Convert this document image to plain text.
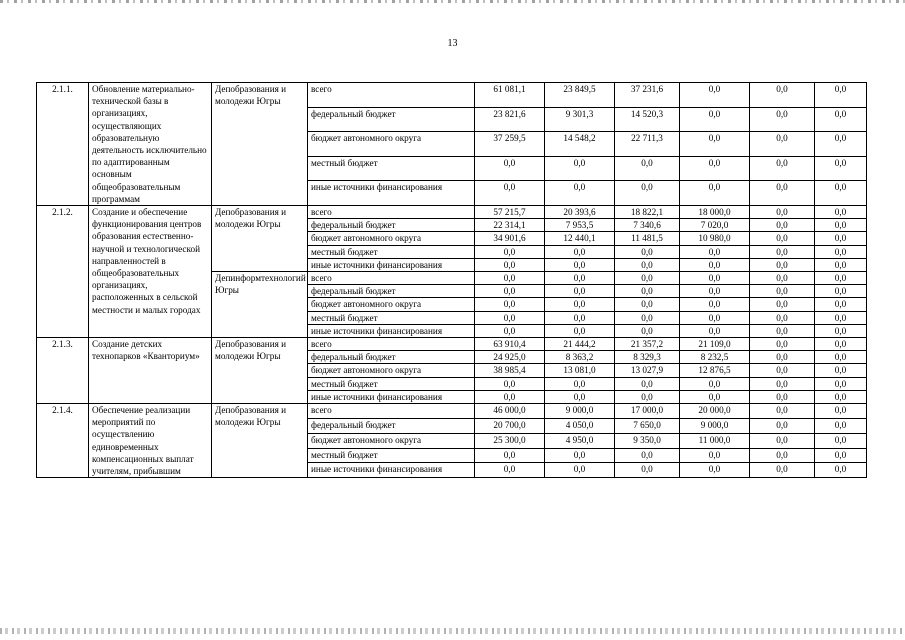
13
2.1.1.	Обновление материально-технической базы в организациях, осуществляющих образовательную деятельность исключительно по адаптированным основным общеобразовательным программам	Депобразования и молодежи Югры	всего	61 081,1	23 849,5	37 231,6	0,0	0,0	0,0
			федеральный бюджет	23 821,6	9 301,3	14 520,3	0,0	0,0	0,0
			бюджет автономного округа	37 259,5	14 548,2	22 711,3	0,0	0,0	0,0
			местный бюджет	0,0	0,0	0,0	0,0	0,0	0,0
			иные источники финансирования	0,0	0,0	0,0	0,0	0,0	0,0
2.1.2.	Создание и обеспечение функционирования центров образования естественно-научной и технологической направленностей в общеобразовательных организациях, расположенных в сельской местности и малых городах	Депобразования и молодежи Югры	всего	57 215,7	20 393,6	18 822,1	18 000,0	0,0	0,0
			федеральный бюджет	22 314,1	7 953,5	7 340,6	7 020,0	0,0	0,0
			бюджет автономного округа	34 901,6	12 440,1	11 481,5	10 980,0	0,0	0,0
			местный бюджет	0,0	0,0	0,0	0,0	0,0	0,0
			иные источники финансирования	0,0	0,0	0,0	0,0	0,0	0,0
		Депинформтехнологий Югры	всего	0,0	0,0	0,0	0,0	0,0	0,0
			федеральный бюджет	0,0	0,0	0,0	0,0	0,0	0,0
			бюджет автономного округа	0,0	0,0	0,0	0,0	0,0	0,0
			местный бюджет	0,0	0,0	0,0	0,0	0,0	0,0
			иные источники финансирования	0,0	0,0	0,0	0,0	0,0	0,0
2.1.3.	Создание детских технопарков «Кванториум»	Депобразования и молодежи Югры	всего	63 910,4	21 444,2	21 357,2	21 109,0	0,0	0,0
			федеральный бюджет	24 925,0	8 363,2	8 329,3	8 232,5	0,0	0,0
			бюджет автономного округа	38 985,4	13 081,0	13 027,9	12 876,5	0,0	0,0
			местный бюджет	0,0	0,0	0,0	0,0	0,0	0,0
			иные источники финансирования	0,0	0,0	0,0	0,0	0,0	0,0
2.1.4.	Обеспечение реализации мероприятий по осуществлению единовременных компенсационных выплат учителям, прибывшим	Депобразования и молодежи Югры	всего	46 000,0	9 000,0	17 000,0	20 000,0	0,0	0,0
			федеральный бюджет	20 700,0	4 050,0	7 650,0	9 000,0	0,0	0,0
			бюджет автономного округа	25 300,0	4 950,0	9 350,0	11 000,0	0,0	0,0
			местный бюджет	0,0	0,0	0,0	0,0	0,0	0,0
			иные источники финансирования	0,0	0,0	0,0	0,0	0,0	0,0
